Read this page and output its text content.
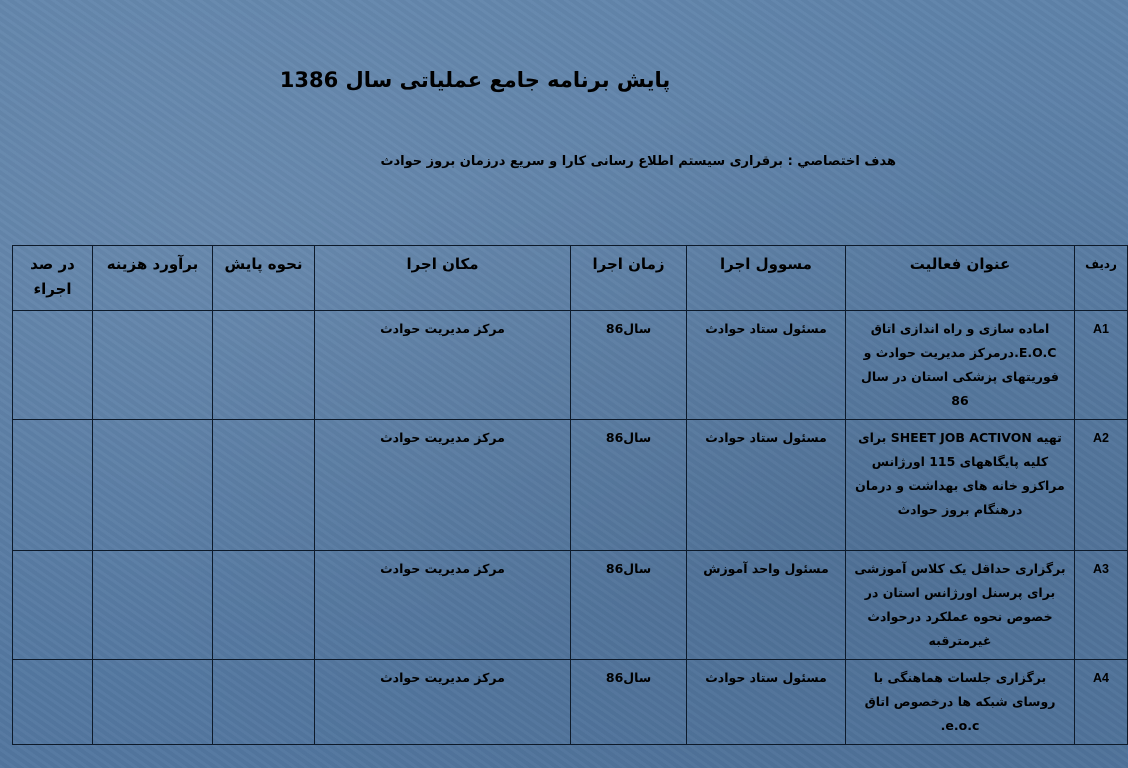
پایش برنامه جامع عملیاتی سال 1386
هدف اختصاصي : برقراری سیستم اطلاع رسانی کارا و سریع درزمان بروز حوادث
ردیف	عنوان فعالیت	مسوول اجرا	زمان اجرا	مکان اجرا	نحوه پایش	برآورد هزینه	در صد اجراء
A1	اماده سازی و راه اندازی اتاق E.O.C.درمرکز مدیریت حوادث و فوریتهای پزشکی استان در سال 86	مسئول ستاد حوادث	سال86	مرکز مدیریت حوادث			
A2	تهیه SHEET JOB ACTIVON برای کلیه پایگاههای 115 اورژانس مراکزو خانه های بهداشت و درمان درهنگام بروز حوادث	مسئول ستاد حوادث	سال86	مرکز مدیریت حوادث			
A3	برگزاری حداقل یک کلاس آموزشی برای پرسنل اورژانس استان در خصوص نحوه عملکرد درحوادث غیرمترقبه	مسئول واحد آموزش	سال86	مرکز مدیریت حوادث			
A4	برگزاری جلسات هماهنگی با روسای شبکه ها درخصوص اتاق e.o.c.	مسئول ستاد حوادث	سال86	مرکز مدیریت حوادث			
